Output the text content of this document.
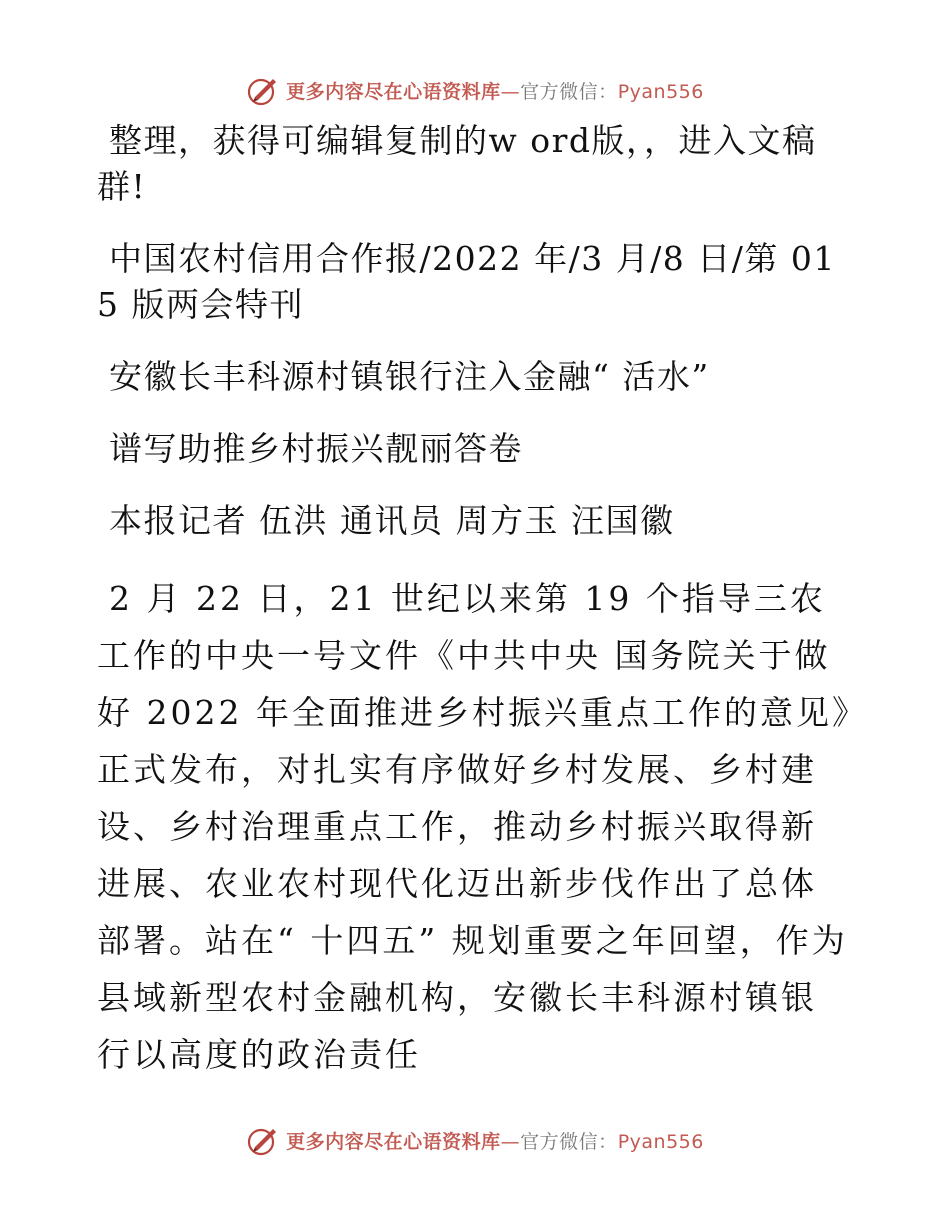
更多内容尽在心语资料库—官方微信：Pyan556

整理，获得可编辑复制的w ord版，，进入文稿群!

中国农村信用合作报/2022 年/3 月/8 日/第 015 版两会特刊

安徽长丰科源村镇银行注入金融“ 活水”

谱写助推乡村振兴靓丽答卷

本报记者 伍洪 通讯员 周方玉 汪国徽

2 月 22 日，21 世纪以来第 19 个指导三农工作的中央一号文件《中共中央 国务院关于做好 2022 年全面推进乡村振兴重点工作的意见》正式发布，对扎实有序做好乡村发展、乡村建设、乡村治理重点工作，推动乡村振兴取得新进展、农业农村现代化迈出新步伐作出了总体部署。站在“ 十四五” 规划重要之年回望，作为县域新型农村金融机构，安徽长丰科源村镇银行以高度的政治责任

更多内容尽在心语资料库—官方微信：Pyan556
